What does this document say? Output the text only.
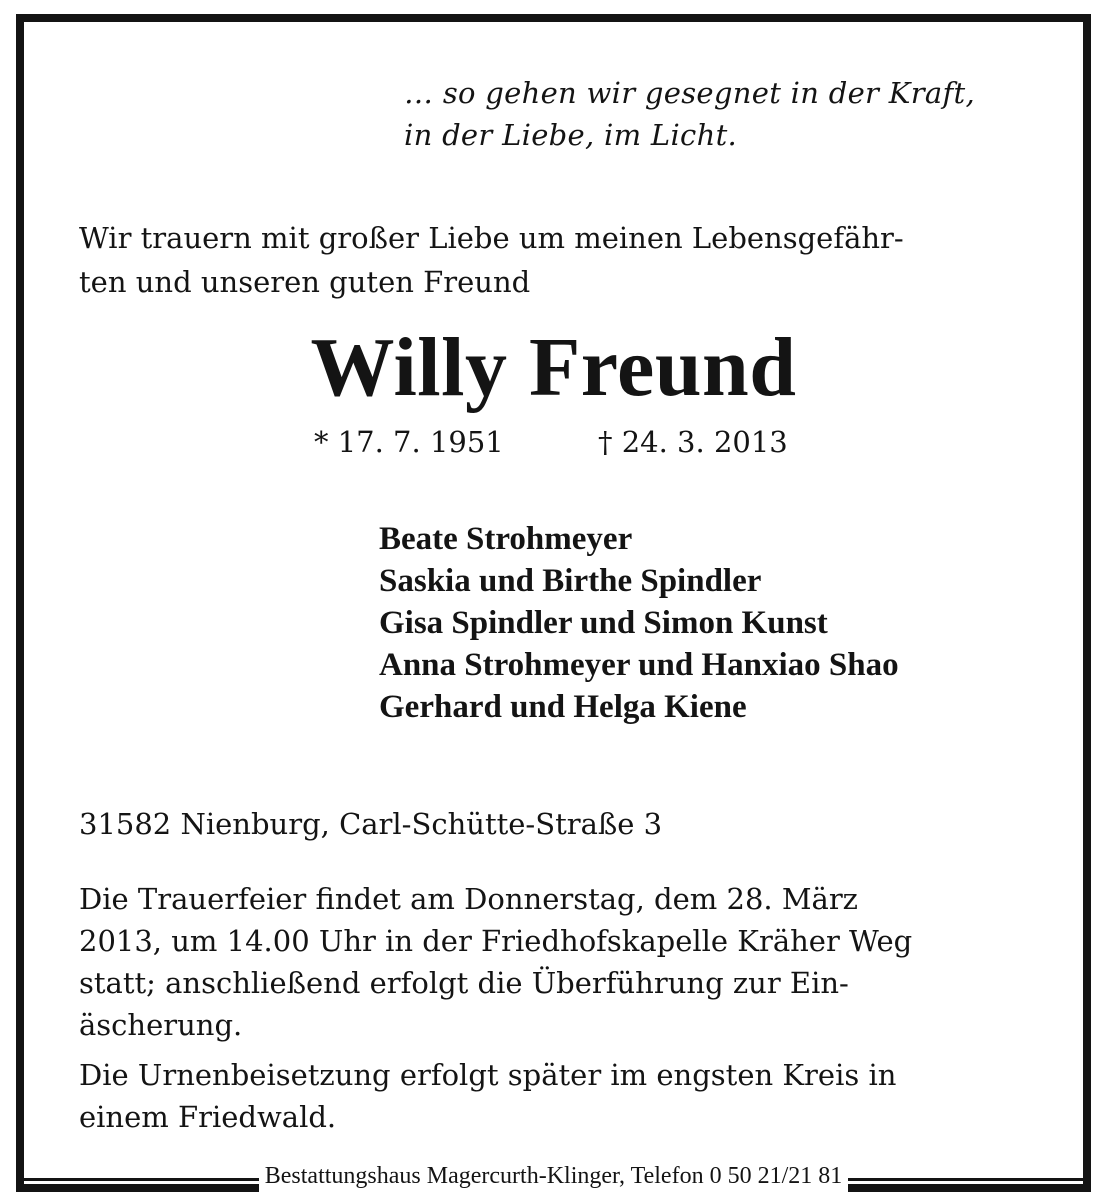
… so gehen wir gesegnet in der Kraft,
in der Liebe, im Licht.
Wir trauern mit großer Liebe um meinen Lebensgefähr-
ten und unseren guten Freund
Willy Freund
* 17. 7. 1951	† 24. 3. 2013
Beate Strohmeyer
Saskia und Birthe Spindler
Gisa Spindler und Simon Kunst
Anna Strohmeyer und Hanxiao Shao
Gerhard und Helga Kiene
31582 Nienburg, Carl-Schütte-Straße 3
Die Trauerfeier findet am Donnerstag, dem 28. März
2013, um 14.00 Uhr in der Friedhofskapelle Kräher Weg
statt; anschließend erfolgt die Überführung zur Ein-
äscherung.
Die Urnenbeisetzung erfolgt später im engsten Kreis in
einem Friedwald.
Bestattungshaus Magercurth-Klinger, Telefon 0 50 21/21 81
